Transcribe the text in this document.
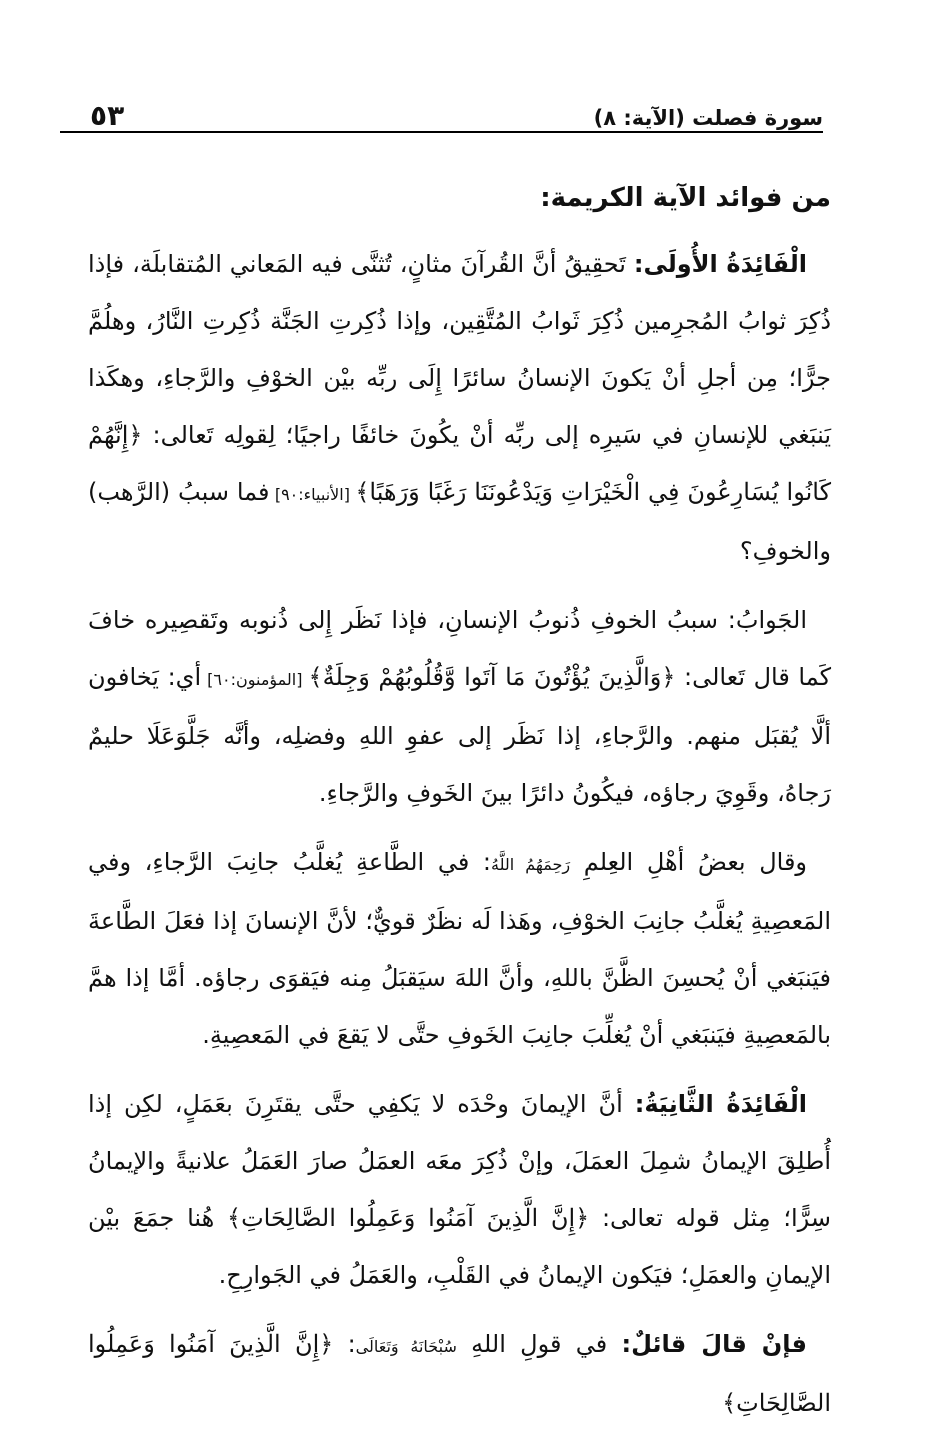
٥٣	سورة فصلت (الآية: ٨)
من فوائد الآية الكريمة:

الْفَائِدَةُ الأُولَى: تَحقِيقُ أنَّ القُرآنَ مثانٍ، تُثنَّى فيه المَعاني المُتقابلَة، فإذا ذُكِرَ ثوابُ المُجرِمين ذُكِرَ ثَوابُ المُتَّقِين، وإذا ذُكِرتِ الجَنَّة ذُكِرتِ النَّارُ، وهلُمَّ جرًّا؛ مِن أجلِ أنْ يَكونَ الإنسانُ سائرًا إِلَى ربِّه بيْن الخوْفِ والرَّجاءِ، وهكَذا يَنبَغي للإنسانِ في سَيرِه إلى ربِّه أنْ يكُونَ خائفًا راجيًا؛ لِقولِه تَعالى: ﴿إِنَّهُمْ كَانُوا يُسَارِعُونَ فِي الْخَيْرَاتِ وَيَدْعُونَنَا رَغَبًا وَرَهَبًا﴾ [الأنبياء:٩٠] فما سببُ (الرَّهب) والخوفِ؟

الجَوابُ: سببُ الخوفِ ذُنوبُ الإنسانِ، فإذا نَظَر إِلى ذُنوبه وتَقصِيره خافَ كَما قال تَعالى: ﴿وَالَّذِينَ يُؤْتُونَ مَا آتَوا وَّقُلُوبُهُمْ وَجِلَةٌ﴾ [المؤمنون:٦٠] أي: يَخافون ألَّا يُقبَل منهم. والرَّجاءِ، إذا نَظَر إلى عفوِ اللهِ وفضلِه، وأنَّه جَلَّوَعَلَا حليمٌ رَجاهُ، وقَوِيَ رجاؤه، فيكُونُ دائرًا بينَ الخَوفِ والرَّجاءِ.

وقال بعضُ أهْلِ العِلمِ رَحِمَهُمُ اللَّهُ: في الطَّاعةِ يُغلَّبُ جانِبَ الرَّجاءِ، وفي المَعصِيةِ يُغلَّبُ جانِبَ الخوْفِ، وهَذا لَه نظَرٌ قويٌّ؛ لأنَّ الإنسانَ إذا فعَلَ الطَّاعةَ فيَنبَغي أنْ يُحسِنَ الظَّنَّ باللهِ، وأنَّ اللهَ سيَقبَلُ مِنه فيَقوَى رجاؤه. أمَّا إذا همَّ بالمَعصِيةِ فيَنبَغي أنْ يُغلِّبَ جانِبَ الخَوفِ حتَّى لا يَقعَ في المَعصِيةِ.

الْفَائِدَةُ الثَّانِيَةُ: أنَّ الإيمانَ وحْدَه لا يَكفِي حتَّى يقتَرِنَ بعَمَلٍ، لكِن إذا أُطلِقَ الإيمانُ شمِلَ العمَلَ، وإنْ ذُكِرَ معَه العمَلُ صارَ العَمَلُ علانيةً والإيمانُ سِرًّا؛ مِثل قوله تعالى: ﴿إِنَّ الَّذِينَ آمَنُوا وَعَمِلُوا الصَّالِحَاتِ﴾ هُنا جمَعَ بيْن الإيمانِ والعمَلِ؛ فيَكون الإيمانُ في القَلْبِ، والعَمَلُ في الجَوارِحِ.

فإنْ قالَ قائلٌ: في قولِ اللهِ سُبْحَانَهُ وَتَعَالَى: ﴿إِنَّ الَّذِينَ آمَنُوا وَعَمِلُوا الصَّالِحَاتِ﴾
